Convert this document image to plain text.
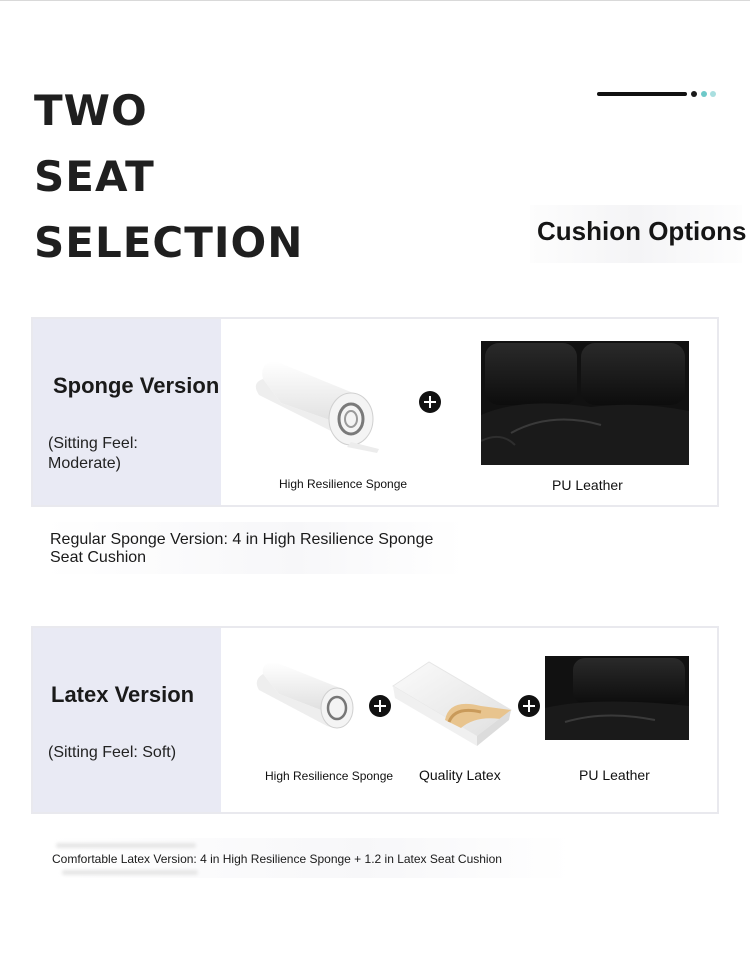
TWO
SEAT
SELECTION	Cushion Options
Sponge Version
(Sitting Feel: Moderate)
High Resilience Sponge	PU Leather
Regular Sponge Version: 4 in High Resilience Sponge Seat Cushion
Latex Version
(Sitting Feel: Soft)
High Resilience Sponge Quality Latex	PU Leather
Comfortable Latex Version: 4 in High Resilience Sponge + 1.2 in Latex Seat Cushion
